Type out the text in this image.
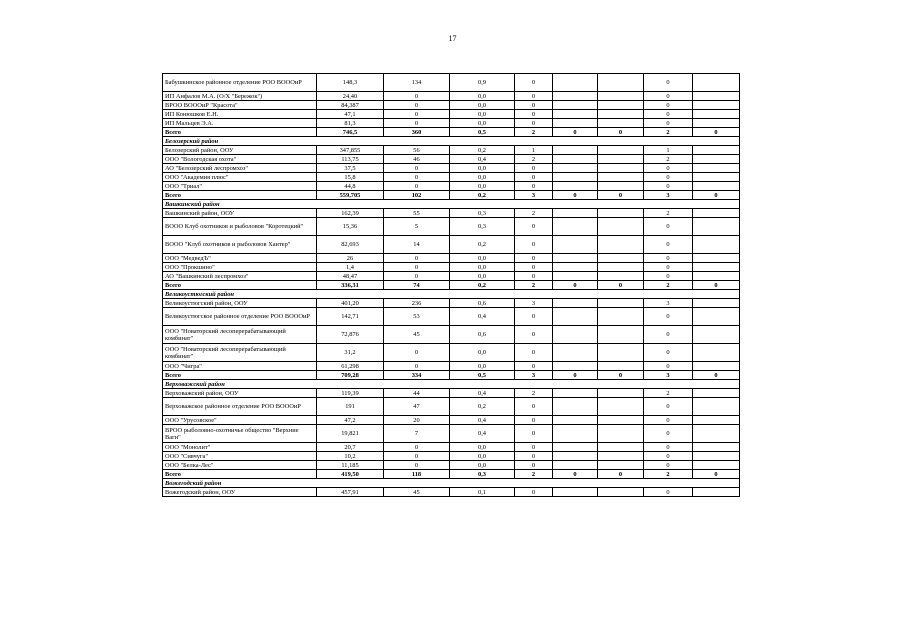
17
Бабушкинское районное отделение РОО ВОООиР	148,3	134	0,9	0			0	
ИП Анфалов М.А. (О/Х "Бережок")	24,40	0	0,0	0			0	
ВРОО ВОООиР "Красота"	84,387	0	0,0	0			0	
ИП Конюшков Е.Н.	47,1	0	0,0	0			0	
ИП Мальцев Э.А.	81,3	0	0,0	0			0	
Всего	746,5	360	0,5	2	0	0	2	0
Белозерский район								
Белозерский район, ООУ	347,855	56	0,2	1			1	
ООО "Вологодская охота"	113,75	46	0,4	2			2	
АО "Белозерский леспромхоз"	37,5	0	0,0	0			0	
ООО "Академия плюс"	15,8	0	0,0	0			0	
ООО "Триал"	44,8	0	0,0	0			0	
Всего	559,705	102	0,2	3	0	0	3	0
Вашкинский район								
Вашкинский район, ООУ	162,39	55	0,3	2			2	
ВООО Клуб охотников и рыболовов "Коротецкий"	15,36	5	0,3	0			0	
ВООО "Клуб охотников и рыболовов Хантер"	82,693	14	0,2	0			0	
ООО "МедведЪ"	26	0	0,0	0			0	
ООО "Прокшино"	1,4	0	0,0	0			0	
АО "Вашкинский леспромхоз"	48,47	0	0,0	0			0	
Всего	336,31	74	0,2	2	0	0	2	0
Великоустюгский район								
Великоустюгский район, ООУ	401,20	236	0,6	3			3	
Великоустюгское районное отделение РОО ВОООиР	142,71	53	0,4	0			0	
ООО "Новаторский лесоперерабатывающий комбинат"	72,876	45	0,6	0			0	
ООО "Новаторский лесоперерабатывающий комбинат"	31,2	0	0,0	0			0	
ООО "Чигра"	61,298	0	0,0	0			0	
Всего	709,28	334	0,5	3	0	0	3	0
Верховажский район								
Верховажский район, ООУ	119,39	44	0,4	2			2	
Верховажское районное отделение РОО ВОООиР	191	47	0,2	0			0	
ООО "Урусовское"	47,2	20	0,4	0			0	
ВРОО рыболовно-охотничье общество "Верхние Ваги"	19,821	7	0,4	0			0	
ООО "Монолит"	20,7	0	0,0	0			0	
ООО "Сивчуга"	10,2	0	0,0	0			0	
ООО "Белка-Лес"	11,185	0	0,0	0			0	
Всего	419,50	118	0,3	2	0	0	2	0
Вожегодский район								
Вожегодский район, ООУ	457,91	45	0,1	0			0	
